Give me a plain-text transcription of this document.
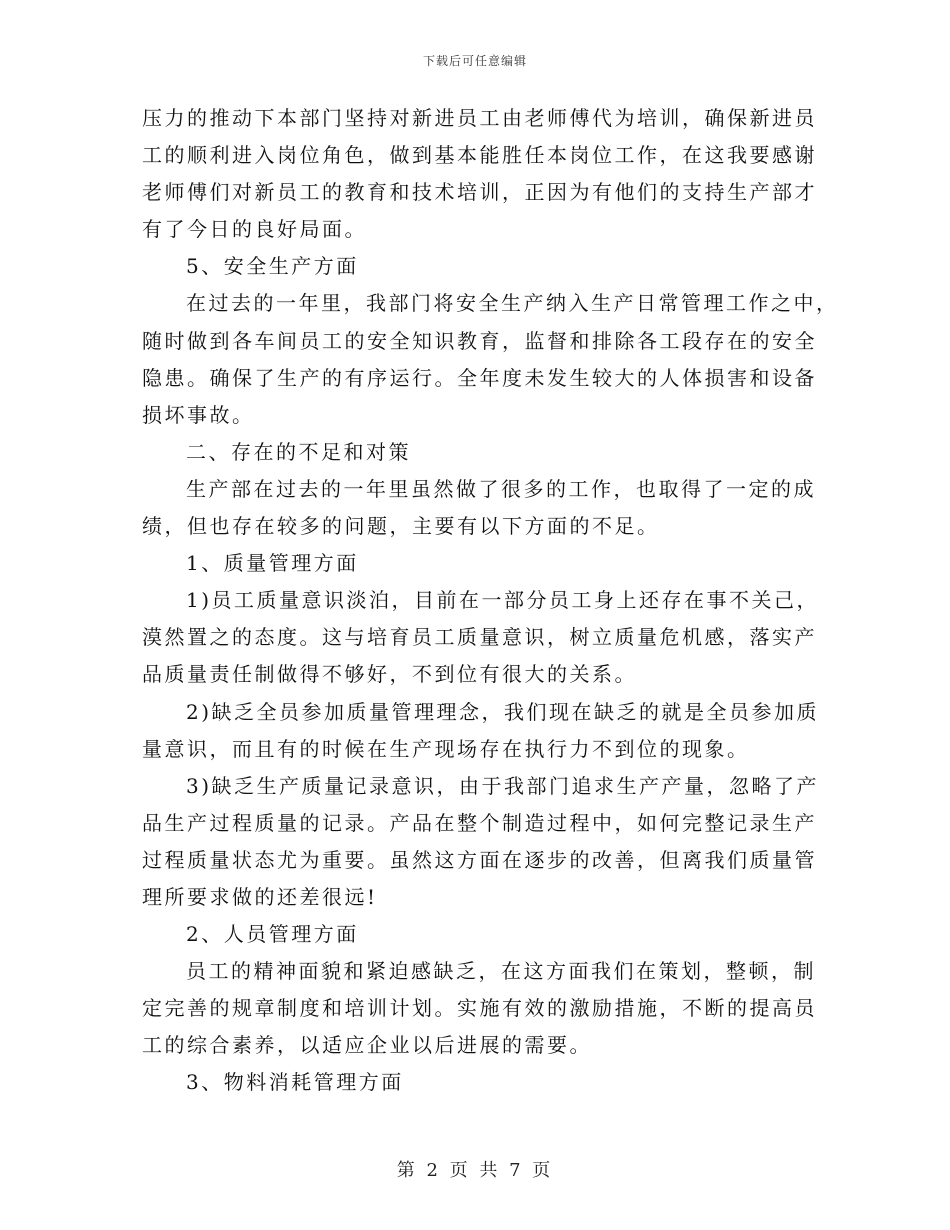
下载后可任意编辑
压力的推动下本部门坚持对新进员工由老师傅代为培训，确保新进员
工的顺利进入岗位角色，做到基本能胜任本岗位工作，在这我要感谢
老师傅们对新员工的教育和技术培训，正因为有他们的支持生产部才
有了今日的良好局面。
5、安全生产方面
在过去的一年里，我部门将安全生产纳入生产日常管理工作之中，
随时做到各车间员工的安全知识教育，监督和排除各工段存在的安全
隐患。确保了生产的有序运行。全年度未发生较大的人体损害和设备
损坏事故。
二、存在的不足和对策
生产部在过去的一年里虽然做了很多的工作，也取得了一定的成
绩，但也存在较多的问题，主要有以下方面的不足。
1、质量管理方面
1)员工质量意识淡泊，目前在一部分员工身上还存在事不关己，
漠然置之的态度。这与培育员工质量意识，树立质量危机感，落实产
品质量责任制做得不够好，不到位有很大的关系。
2)缺乏全员参加质量管理理念，我们现在缺乏的就是全员参加质
量意识，而且有的时候在生产现场存在执行力不到位的现象。
3)缺乏生产质量记录意识，由于我部门追求生产产量，忽略了产
品生产过程质量的记录。产品在整个制造过程中，如何完整记录生产
过程质量状态尤为重要。虽然这方面在逐步的改善，但离我们质量管
理所要求做的还差很远!
2、人员管理方面
员工的精神面貌和紧迫感缺乏，在这方面我们在策划，整顿，制
定完善的规章制度和培训计划。实施有效的激励措施，不断的提高员
工的综合素养，以适应企业以后进展的需要。
3、物料消耗管理方面
第 2 页 共 7 页
